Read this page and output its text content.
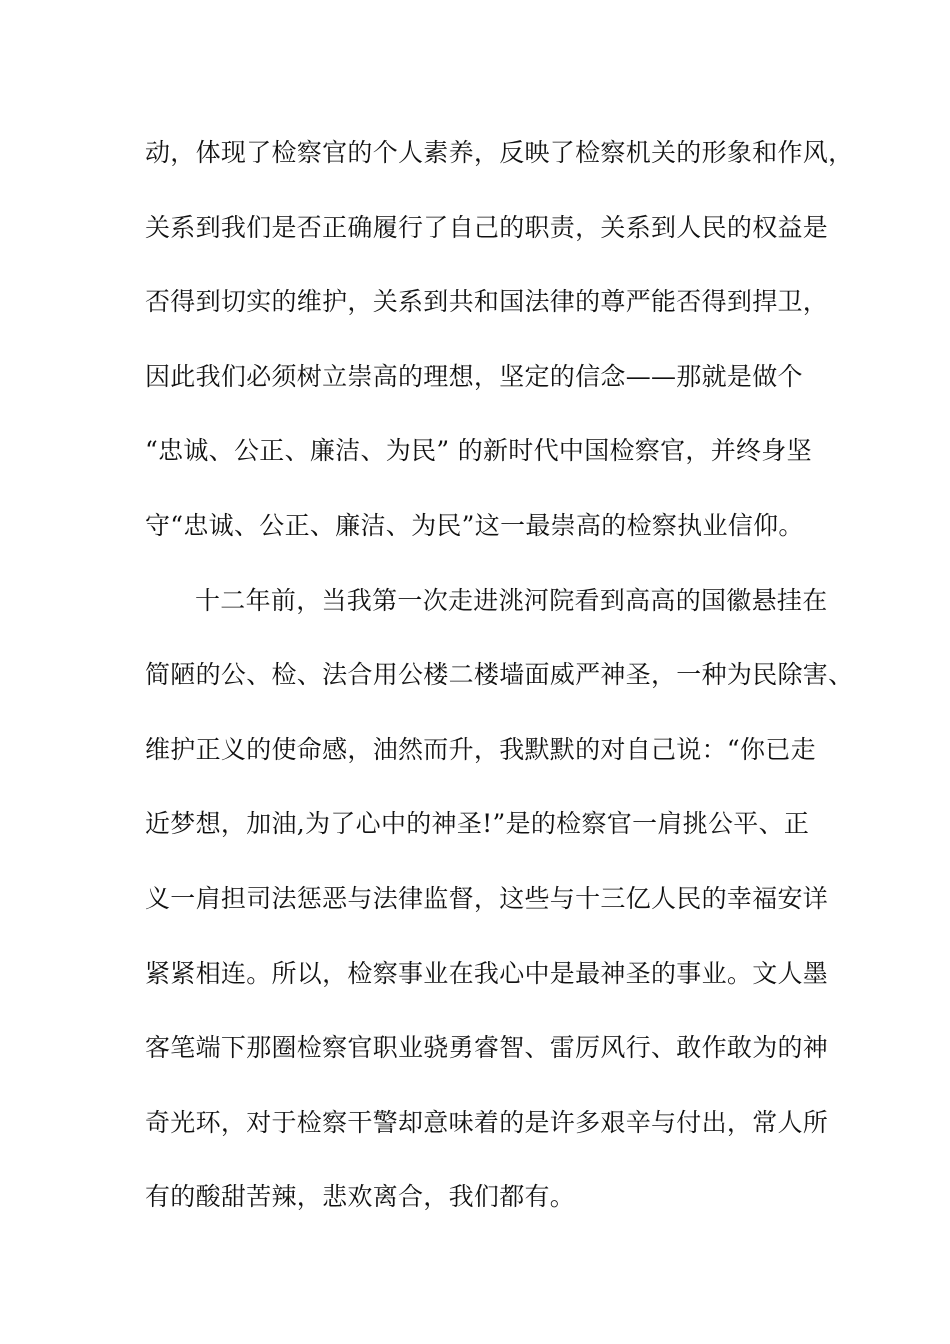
动，体现了检察官的个人素养，反映了检察机关的形象和作风，
关系到我们是否正确履行了自己的职责，关系到人民的权益是
否得到切实的维护，关系到共和国法律的尊严能否得到捍卫，
因此我们必须树立崇高的理想，坚定的信念——那就是做个
“忠诚、公正、廉洁、为民” 的新时代中国检察官，并终身坚
守“忠诚、公正、廉洁、为民”这一最崇高的检察执业信仰。
十二年前，当我第一次走进洮河院看到高高的国徽悬挂在
简陋的公、检、法合用公楼二楼墙面威严神圣，一种为民除害、
维护正义的使命感，油然而升，我默默的对自己说：“你已走
近梦想，加油,为了心中的神圣!”是的检察官一肩挑公平、正
义一肩担司法惩恶与法律监督，这些与十三亿人民的幸福安详
紧紧相连。所以，检察事业在我心中是最神圣的事业。文人墨
客笔端下那圈检察官职业骁勇睿智、雷厉风行、敢作敢为的神
奇光环，对于检察干警却意味着的是许多艰辛与付出，常人所
有的酸甜苦辣，悲欢离合，我们都有。
